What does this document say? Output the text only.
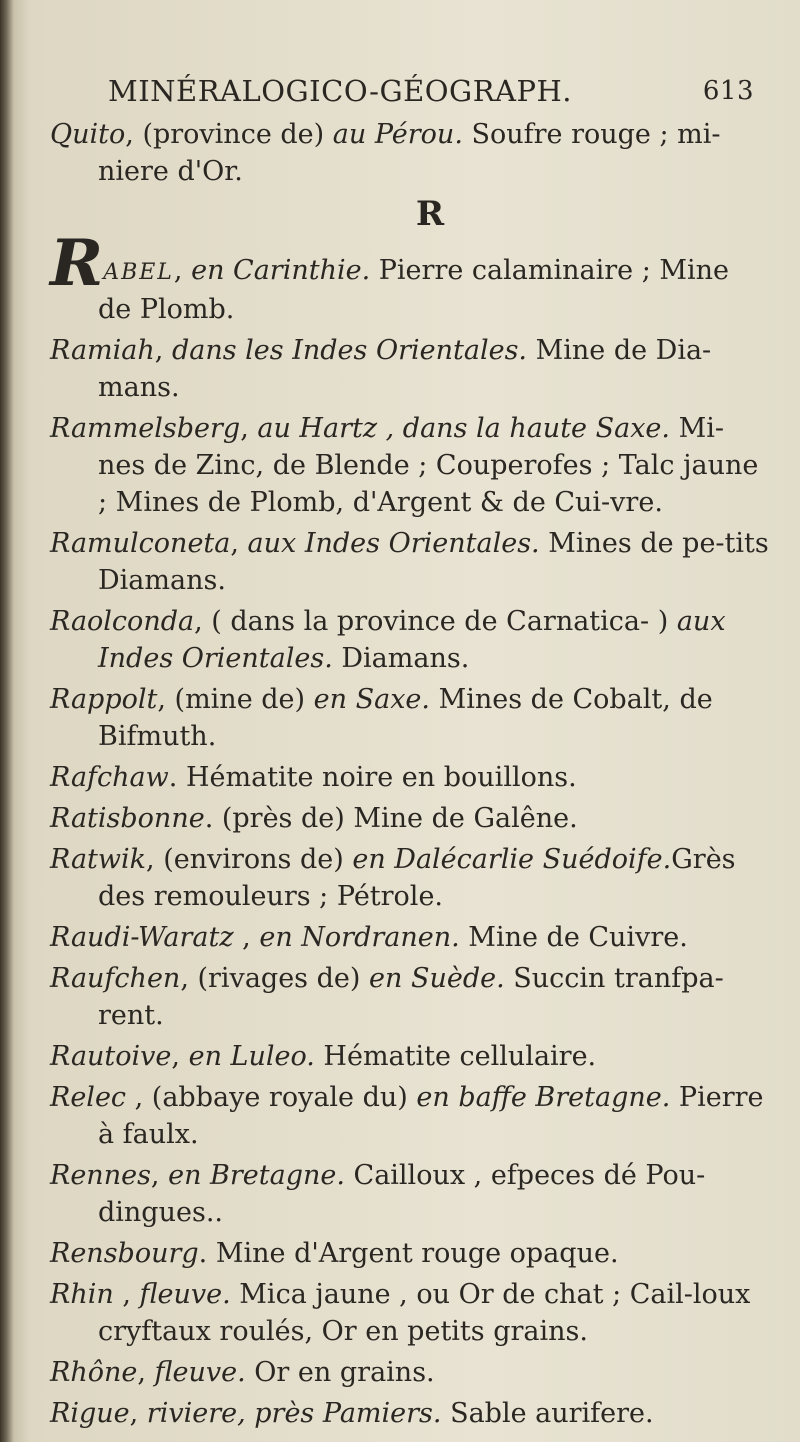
MINÉRALOGICO-GÉOGRAPH.	613

Quito, (province de) au Pérou. Soufre rouge ; mi-niere d'Or.

R

RABEL, en Carinthie. Pierre calaminaire ; Mine de Plomb.

Ramiah, dans les Indes Orientales. Mine de Dia-mans.

Rammelsberg, au Hartz , dans la haute Saxe. Mi-nes de Zinc, de Blende ; Couperofes ; Talc jaune ; Mines de Plomb, d'Argent & de Cui-vre.

Ramulconeta, aux Indes Orientales. Mines de pe-tits Diamans.

Raolconda, ( dans la province de Carnatica- ) aux Indes Orientales. Diamans.

Rappolt, (mine de) en Saxe. Mines de Cobalt, de Bifmuth.

Rafchaw. Hématite noire en bouillons.

Ratisbonne. (près de) Mine de Galêne.

Ratwik, (environs de) en Dalécarlie Suédoife.Grès des remouleurs ; Pétrole.

Raudi-Waratz , en Nordranen. Mine de Cuivre.

Raufchen, (rivages de) en Suède. Succin tranfpa-rent.

Rautoive, en Luleo. Hématite cellulaire.

Relec , (abbaye royale du) en baffe Bretagne. Pierre à faulx.

Rennes, en Bretagne. Cailloux , efpeces dé Pou-dingues..

Rensbourg. Mine d'Argent rouge opaque.

Rhin , fleuve. Mica jaune , ou Or de chat ; Cail-loux cryftaux roulés, Or en petits grains.

Rhône, fleuve. Or en grains.

Rigue, riviere, près Pamiers. Sable aurifere.
